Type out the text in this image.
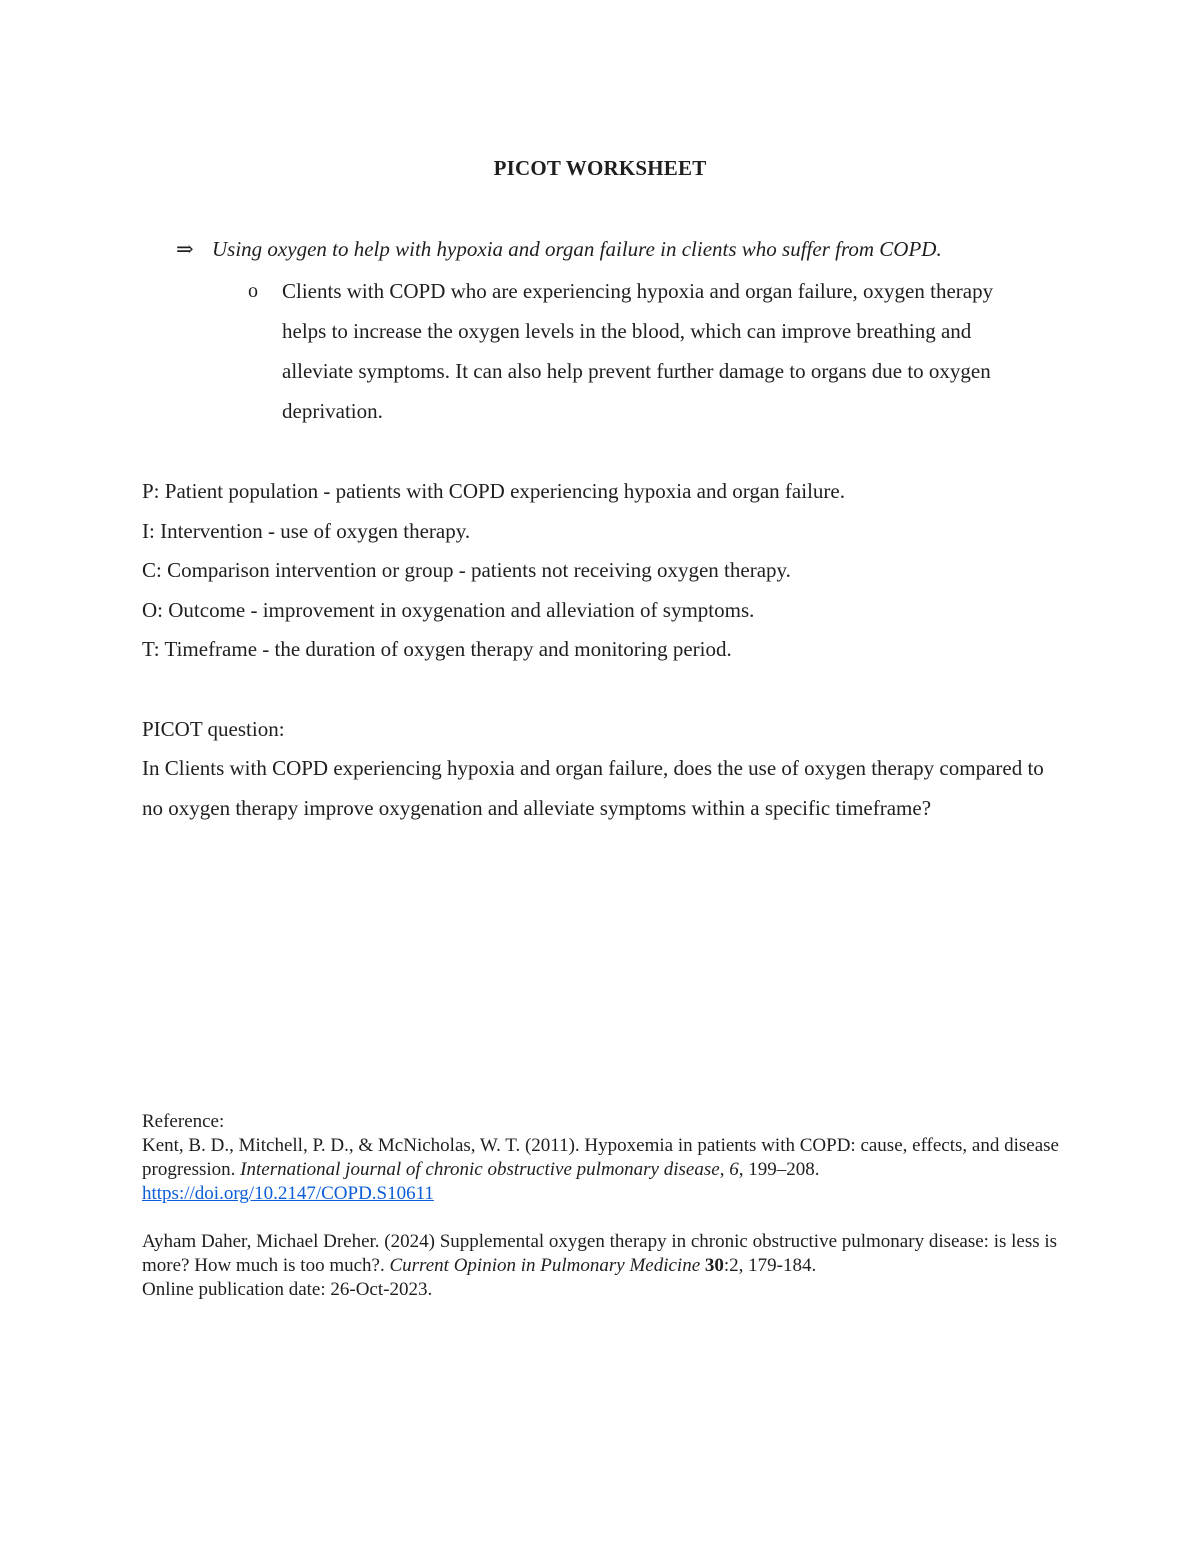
PICOT WORKSHEET
⇒ Using oxygen to help with hypoxia and organ failure in clients who suffer from COPD.
o Clients with COPD who are experiencing hypoxia and organ failure, oxygen therapy helps to increase the oxygen levels in the blood, which can improve breathing and alleviate symptoms. It can also help prevent further damage to organs due to oxygen deprivation.
P: Patient population - patients with COPD experiencing hypoxia and organ failure.
I: Intervention - use of oxygen therapy.
C: Comparison intervention or group - patients not receiving oxygen therapy.
O: Outcome - improvement in oxygenation and alleviation of symptoms.
T: Timeframe - the duration of oxygen therapy and monitoring period.
PICOT question:
In Clients with COPD experiencing hypoxia and organ failure, does the use of oxygen therapy compared to no oxygen therapy improve oxygenation and alleviate symptoms within a specific timeframe?
Reference:
Kent, B. D., Mitchell, P. D., & McNicholas, W. T. (2011). Hypoxemia in patients with COPD: cause, effects, and disease progression. International journal of chronic obstructive pulmonary disease, 6, 199–208.
https://doi.org/10.2147/COPD.S10611
Ayham Daher, Michael Dreher. (2024) Supplemental oxygen therapy in chronic obstructive pulmonary disease: is less is more? How much is too much?. Current Opinion in Pulmonary Medicine 30:2, 179-184.
Online publication date: 26-Oct-2023.
